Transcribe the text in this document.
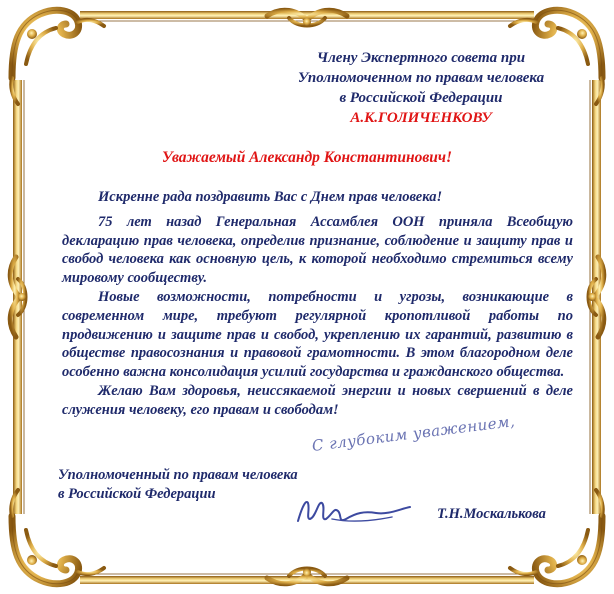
Члену Экспертного совета при
Уполномоченном по правам человека
в Российской Федерации
А.К.ГОЛИЧЕНКОВУ
Уважаемый Александр Константинович!

Искренне рада поздравить Вас с Днем прав человека!

75 лет назад Генеральная Ассамблея ООН приняла Всеобщую декларацию прав человека, определив признание, соблюдение и защиту прав и свобод человека как основную цель, к которой необходимо стремиться всему мировому сообществу.

Новые возможности, потребности и угрозы, возникающие в современном мире, требуют регулярной кропотливой работы по продвижению и защите прав и свобод, укреплению их гарантий, развитию в обществе правосознания и правовой грамотности. В этом благородном деле особенно важна консолидация усилий государства и гражданского общества.

Желаю Вам здоровья, неиссякаемой энергии и новых свершений в деле служения человеку, его правам и свободам!

С глубоким уважением,
Уполномоченный по правам человека
в Российской Федерации
Т.Н.Москалькова
